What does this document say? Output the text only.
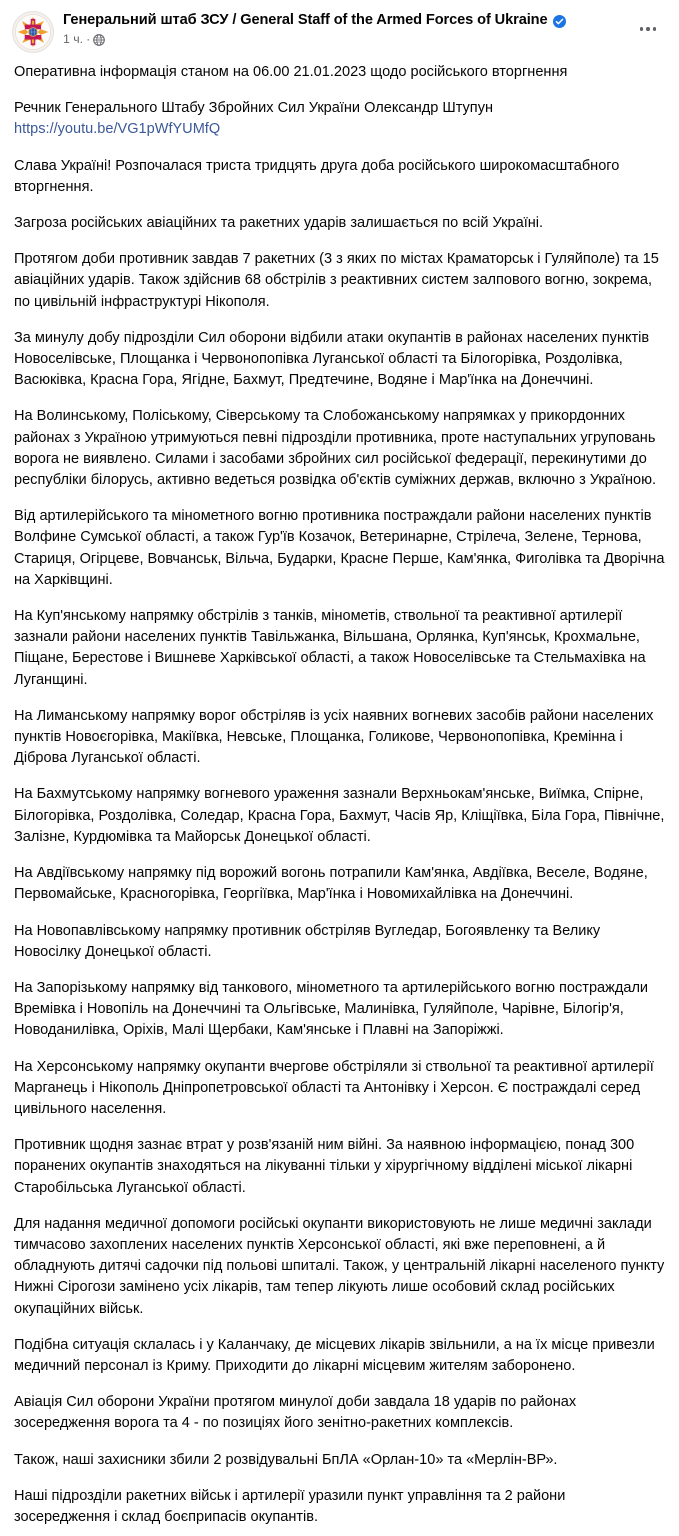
Генеральний штаб ЗСУ / General Staff of the Armed Forces of Ukraine
1 ч. ·

Оперативна інформація станом на 06.00 21.01.2023 щодо російського вторгнення

Речник Генерального Штабу Збройних Сил України Олександр Штупун

https://youtu.be/VG1pWfYUMfQ

Слава Україні! Розпочалася триста тридцять друга доба російського широкомасштабного вторгнення.

Загроза російських авіаційних та ракетних ударів залишається по всій Україні.

Протягом доби противник завдав 7 ракетних (3 з яких по містах Краматорськ і Гуляйполе) та 15 авіаційних ударів. Також здійснив 68 обстрілів з реактивних систем залпового вогню, зокрема, по цивільній інфраструктурі Нікополя.

За минулу добу підрозділи Сил оборони відбили атаки окупантів в районах населених пунктів Новоселівське, Площанка і Червонопопівка Луганської області та Білогорівка, Роздолівка, Васюківка, Красна Гора, Ягідне, Бахмут, Предтечине, Водяне і Мар'їнка на Донеччині.

На Волинському, Поліському, Сіверському та Слобожанському напрямках у прикордонних районах з Україною утримуються певні підрозділи противника, проте наступальних угруповань ворога не виявлено. Силами і засобами збройних сил російської федерації, перекинутими до республіки білорусь, активно ведеться розвідка об'єктів суміжних держав, включно з Україною.

Від артилерійського та мінометного вогню противника постраждали райони населених пунктів Волфине Сумської області, а також Гур'їв Козачок, Ветеринарне, Стрілеча, Зелене, Тернова, Стариця, Огірцеве, Вовчанськ, Вільча, Бударки, Красне Перше, Кам'янка, Фиголівка та Дворічна на Харківщині.

На Куп'янському напрямку обстрілів з танків, мінометів, ствольної та реактивної артилерії зазнали райони населених пунктів Тавільжанка, Вільшана, Орлянка, Куп'янськ, Крохмальне, Піщане, Берестове і Вишневе Харківської області, а також Новоселівське та Стельмахівка на Луганщині.

На Лиманському напрямку ворог обстріляв із усіх наявних вогневих засобів райони населених пунктів Новоєгорівка, Макіївка, Невське, Площанка, Голикове, Червонопопівка, Кремінна і Діброва Луганської області.

На Бахмутському напрямку вогневого ураження зазнали Верхньокам'янське, Виїмка, Спірне, Білогорівка, Роздолівка, Соледар, Красна Гора, Бахмут, Часів Яр, Кліщіївка, Біла Гора, Північне, Залізне, Курдюмівка та Майорськ Донецької області.

На Авдіївському напрямку під ворожий вогонь потрапили Кам'янка, Авдіївка, Веселе, Водяне, Первомайське, Красногорівка, Георгіївка, Мар'їнка і Новомихайлівка на Донеччині.

На Новопавлівському напрямку противник обстріляв Вугледар, Богоявленку та Велику Новосілку Донецької області.

На Запорізькому напрямку від танкового, мінометного та артилерійського вогню постраждали Времівка і Новопіль на Донеччині та Ольгівське, Малинівка, Гуляйполе, Чарівне, Білогір'я, Новоданилівка, Оріхів, Малі Щербаки, Кам'янське і Плавні на Запоріжжі.

На Херсонському напрямку окупанти вчергове обстріляли зі ствольної та реактивної артилерії Марганець і Нікополь Дніпропетровської області та Антонівку і Херсон. Є постраждалі серед цивільного населення.

Противник щодня зазнає втрат у розв'язаній ним війні. За наявною інформацією, понад 300 поранених окупантів знаходяться на лікуванні тільки у хірургічному відділені міської лікарні Старобільська Луганської області.

Для надання медичної допомоги російські окупанти використовують не лише медичні заклади тимчасово захоплених населених пунктів Херсонської області, які вже переповнені, а й обладнують дитячі садочки під польові шпиталі. Також, у центральній лікарні населеного пункту Нижні Сірогози замінено усіх лікарів, там тепер лікують лише особовий склад російських окупаційних військ.

Подібна ситуація склалась і у Каланчаку, де місцевих лікарів звільнили, а на їх місце привезли медичний персонал із Криму. Приходити до лікарні місцевим жителям заборонено.

Авіація Сил оборони України протягом минулої доби завдала 18 ударів по районах зосередження ворога та 4 - по позиціях його зенітно-ракетних комплексів.

Також, наші захисники збили 2 розвідувальні БпЛА «Орлан-10» та «Мерлін-ВР».

Наші підрозділи ракетних військ і артилерії уразили пункт управління та 2 райони зосередження і склад боєприпасів окупантів.
